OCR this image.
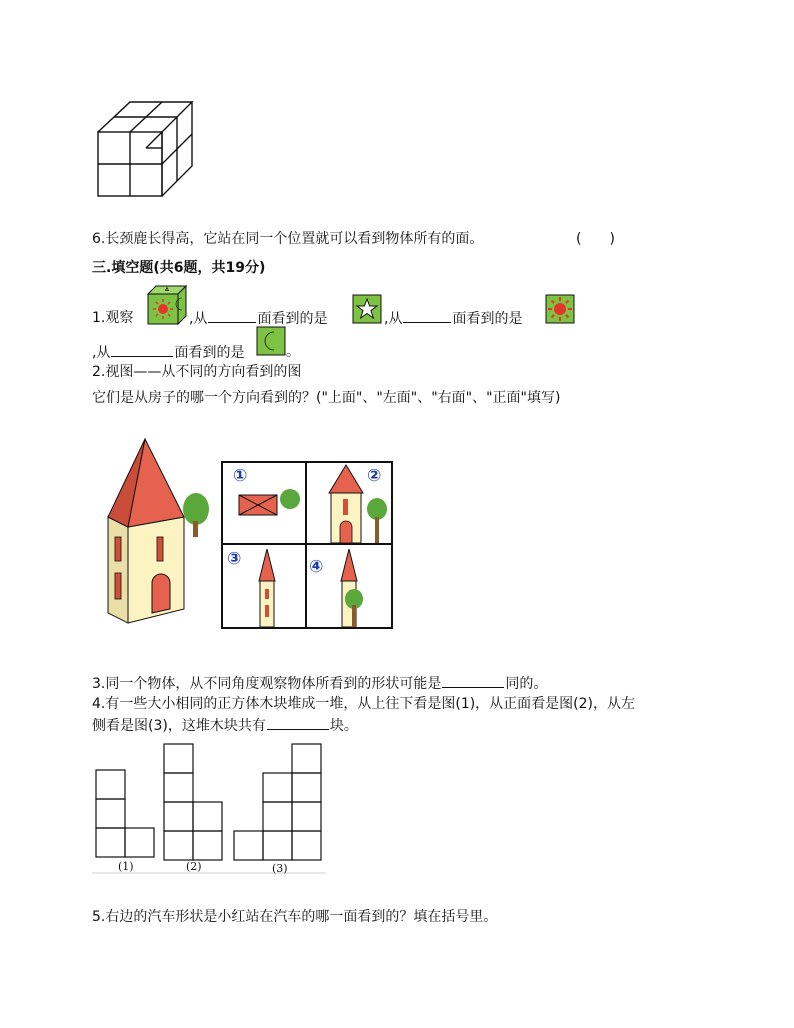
6.长颈鹿长得高，它站在同一个位置就可以看到物体所有的面。	(　　)
三.填空题(共6题，共19分)
1.观察	,从	面看到的是	,从	面看到的是
,从	面看到的是	。
2.视图——从不同的方向看到的图
它们是从房子的哪一个方向看到的？("上面"、"左面"、"右面"、"正面"填写)
①	②
③	④
3.同一个物体，从不同角度观察物体所看到的形状可能是	同的。
4.有一些大小相同的正方体木块堆成一堆，从上往下看是图(1)，从正面看是图(2)，从左
侧看是图(3)，这堆木块共有	块。
(1)	(2)	(3)
5.右边的汽车形状是小红站在汽车的哪一面看到的？填在括号里。
